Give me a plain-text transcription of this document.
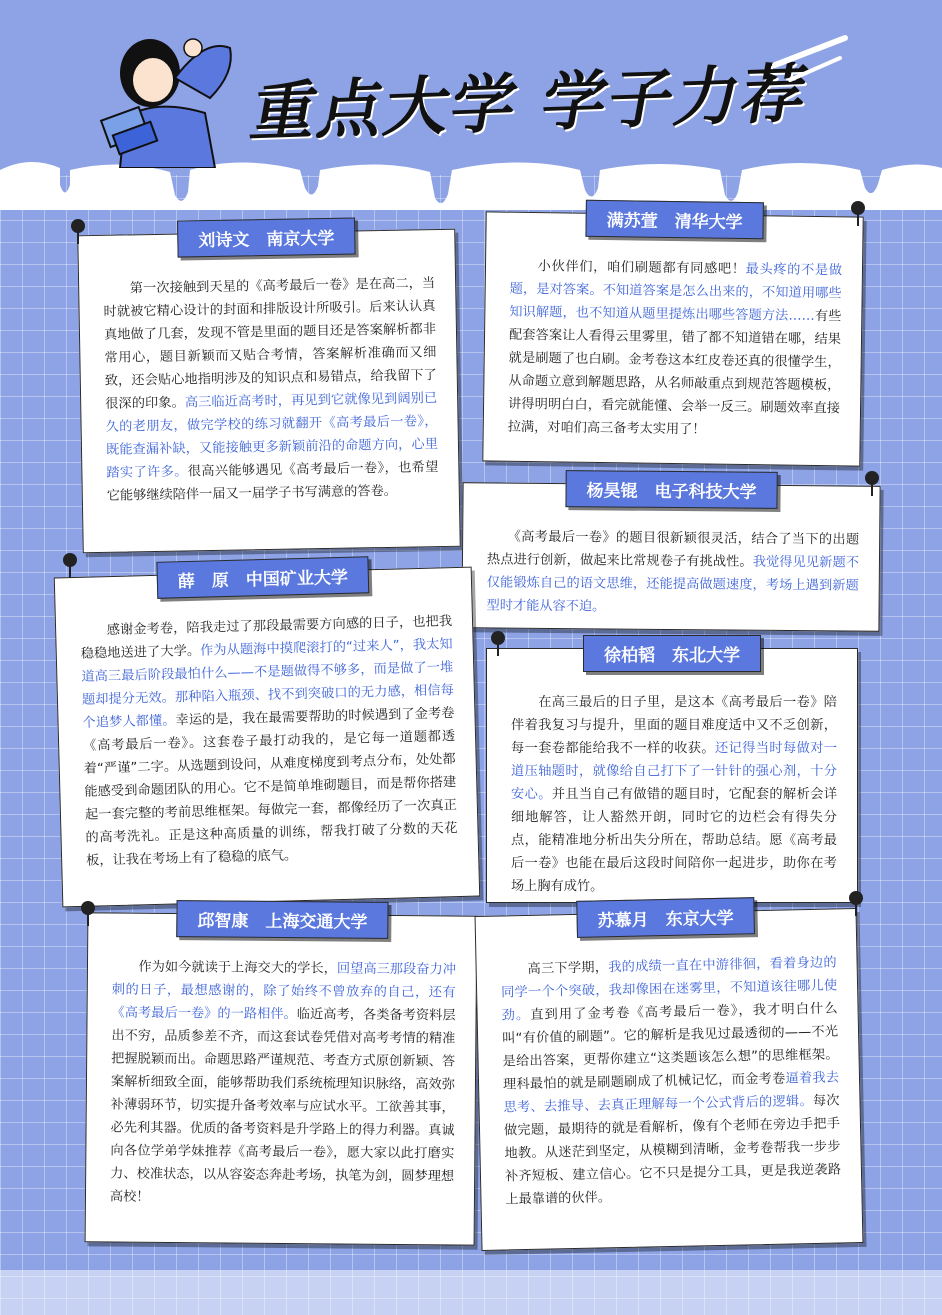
重点大学 学子力荐
刘诗文　南京大学
　　第一次接触到天星的《高考最后一卷》是在高二，当时就被它精心设计的封面和排版设计所吸引。后来认认真真地做了几套，发现不管是里面的题目还是答案解析都非常用心，题目新颖而又贴合考情，答案解析准确而又细致，还会贴心地指明涉及的知识点和易错点，给我留下了很深的印象。高三临近高考时，再见到它就像见到阔别已久的老朋友，做完学校的练习就翻开《高考最后一卷》，既能查漏补缺，又能接触更多新颖前沿的命题方向，心里踏实了许多。很高兴能够遇见《高考最后一卷》，也希望它能够继续陪伴一届又一届学子书写满意的答卷。
满苏萱　清华大学
　　小伙伴们，咱们刷题都有同感吧！最头疼的不是做题，是对答案。不知道答案是怎么出来的，不知道用哪些知识解题，也不知道从题里提炼出哪些答题方法……有些配套答案让人看得云里雾里，错了都不知道错在哪，结果就是刷题了也白刷。金考卷这本红皮卷还真的很懂学生，从命题立意到解题思路，从名师敲重点到规范答题模板，讲得明明白白，看完就能懂、会举一反三。刷题效率直接拉满，对咱们高三备考太实用了！
杨昊锟　电子科技大学
　　《高考最后一卷》的题目很新颖很灵活，结合了当下的出题热点进行创新，做起来比常规卷子有挑战性。我觉得见见新题不仅能锻炼自己的语文思维，还能提高做题速度，考场上遇到新题型时才能从容不迫。
薛　原　中国矿业大学
　　感谢金考卷，陪我走过了那段最需要方向感的日子，也把我稳稳地送进了大学。作为从题海中摸爬滚打的“过来人”，我太知道高三最后阶段最怕什么——不是题做得不够多，而是做了一堆题却提分无效。那种陷入瓶颈、找不到突破口的无力感，相信每个追梦人都懂。幸运的是，我在最需要帮助的时候遇到了金考卷《高考最后一卷》。这套卷子最打动我的，是它每一道题都透着“严谨”二字。从选题到设问，从难度梯度到考点分布，处处都能感受到命题团队的用心。它不是简单堆砌题目，而是帮你搭建起一套完整的考前思维框架。每做完一套，都像经历了一次真正的高考洗礼。正是这种高质量的训练，帮我打破了分数的天花板，让我在考场上有了稳稳的底气。
徐柏韬　东北大学
　　在高三最后的日子里，是这本《高考最后一卷》陪伴着我复习与提升，里面的题目难度适中又不乏创新，每一套卷都能给我不一样的收获。还记得当时每做对一道压轴题时，就像给自己打下了一针针的强心剂，十分安心。并且当自己有做错的题目时，它配套的解析会详细地解答，让人豁然开朗，同时它的边栏会有得失分点，能精准地分析出失分所在，帮助总结。愿《高考最后一卷》也能在最后这段时间陪你一起进步，助你在考场上胸有成竹。
邱智康　上海交通大学
　　作为如今就读于上海交大的学长，回望高三那段奋力冲刺的日子，最想感谢的，除了始终不曾放弃的自己，还有《高考最后一卷》的一路相伴。临近高考，各类备考资料层出不穷，品质参差不齐，而这套试卷凭借对高考考情的精准把握脱颖而出。命题思路严谨规范、考查方式原创新颖、答案解析细致全面，能够帮助我们系统梳理知识脉络，高效弥补薄弱环节，切实提升备考效率与应试水平。工欲善其事，必先利其器。优质的备考资料是升学路上的得力利器。真诚向各位学弟学妹推荐《高考最后一卷》，愿大家以此打磨实力、校准状态，以从容姿态奔赴考场，执笔为剑，圆梦理想高校！
苏慕月　东京大学
　　高三下学期，我的成绩一直在中游徘徊，看着身边的同学一个个突破，我却像困在迷雾里，不知道该往哪儿使劲。直到用了金考卷《高考最后一卷》，我才明白什么叫“有价值的刷题”。它的解析是我见过最透彻的——不光是给出答案，更帮你建立“这类题该怎么想”的思维框架。理科最怕的就是刷题刷成了机械记忆，而金考卷逼着我去思考、去推导、去真正理解每一个公式背后的逻辑。每次做完题，最期待的就是看解析，像有个老师在旁边手把手地教。从迷茫到坚定，从模糊到清晰，金考卷帮我一步步补齐短板、建立信心。它不只是提分工具，更是我逆袭路上最靠谱的伙伴。
